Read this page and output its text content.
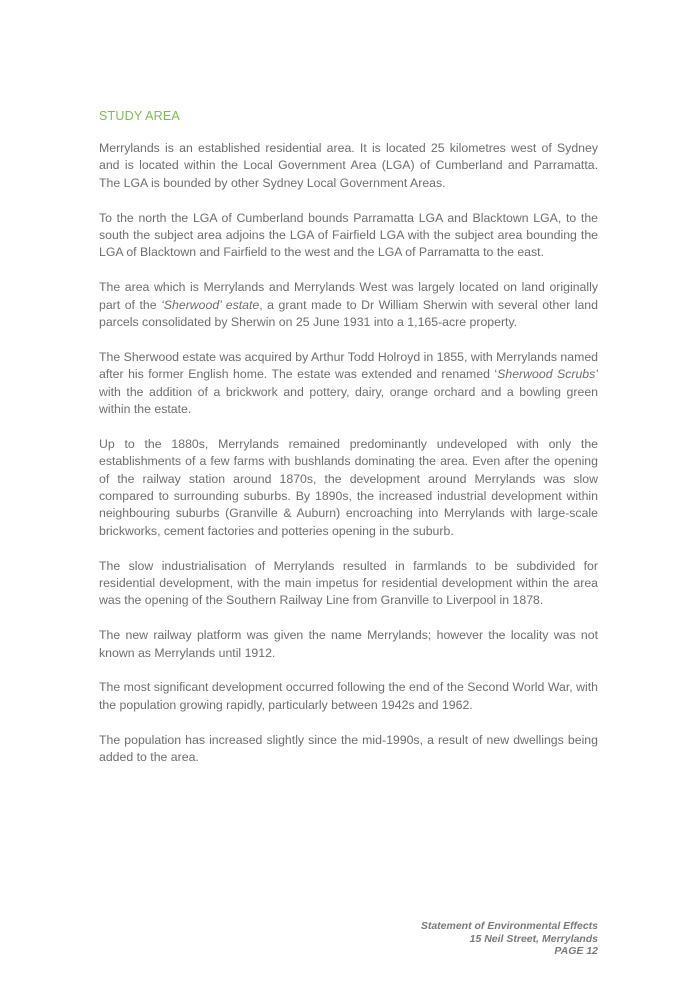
STUDY AREA

Merrylands is an established residential area. It is located 25 kilometres west of Sydney and is located within the Local Government Area (LGA) of Cumberland and Parramatta. The LGA is bounded by other Sydney Local Government Areas.

To the north the LGA of Cumberland bounds Parramatta LGA and Blacktown LGA, to the south the subject area adjoins the LGA of Fairfield LGA with the subject area bounding the LGA of Blacktown and Fairfield to the west and the LGA of Parramatta to the east.

The area which is Merrylands and Merrylands West was largely located on land originally part of the ‘Sherwood’ estate, a grant made to Dr William Sherwin with several other land parcels consolidated by Sherwin on 25 June 1931 into a 1,165-acre property.

The Sherwood estate was acquired by Arthur Todd Holroyd in 1855, with Merrylands named after his former English home. The estate was extended and renamed ‘Sherwood Scrubs’ with the addition of a brickwork and pottery, dairy, orange orchard and a bowling green within the estate.

Up to the 1880s, Merrylands remained predominantly undeveloped with only the establishments of a few farms with bushlands dominating the area. Even after the opening of the railway station around 1870s, the development around Merrylands was slow compared to surrounding suburbs. By 1890s, the increased industrial development within neighbouring suburbs (Granville & Auburn) encroaching into Merrylands with large-scale brickworks, cement factories and potteries opening in the suburb.

The slow industrialisation of Merrylands resulted in farmlands to be subdivided for residential development, with the main impetus for residential development within the area was the opening of the Southern Railway Line from Granville to Liverpool in 1878.

The new railway platform was given the name Merrylands; however the locality was not known as Merrylands until 1912.

The most significant development occurred following the end of the Second World War, with the population growing rapidly, particularly between 1942s and 1962.

The population has increased slightly since the mid-1990s, a result of new dwellings being added to the area.

Statement of Environmental Effects
15 Neil Street, Merrylands
PAGE 12
